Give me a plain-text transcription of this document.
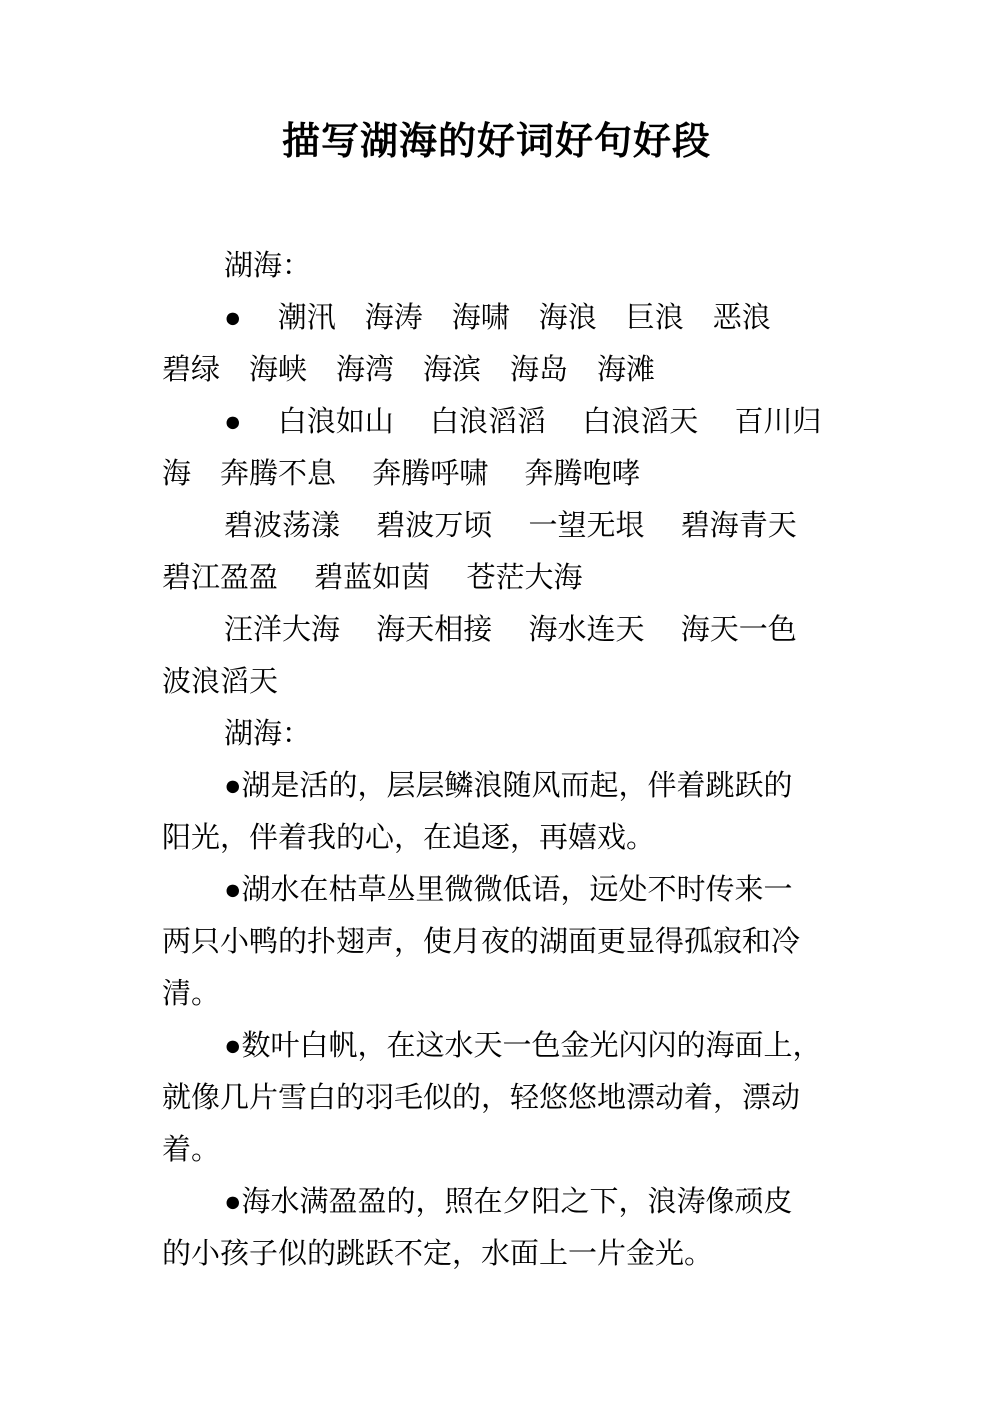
描写湖海的好词好句好段
湖海：
●　 潮汛　海涛　海啸　海浪　巨浪　恶浪
碧绿　海峡　海湾　海滨　海岛　海滩
●　 白浪如山　 白浪滔滔　 白浪滔天　 百川归
海　奔腾不息　 奔腾呼啸　 奔腾咆哮
碧波荡漾　 碧波万顷　 一望无垠　 碧海青天
碧江盈盈　 碧蓝如茵　 苍茫大海
汪洋大海　 海天相接　 海水连天　 海天一色
波浪滔天
湖海：
●湖是活的，层层鳞浪随风而起，伴着跳跃的
阳光，伴着我的心，在追逐，再嬉戏。
●湖水在枯草丛里微微低语，远处不时传来一
两只小鸭的扑翅声，使月夜的湖面更显得孤寂和冷
清。
●数叶白帆，在这水天一色金光闪闪的海面上，
就像几片雪白的羽毛似的，轻悠悠地漂动着，漂动
着。
●海水满盈盈的，照在夕阳之下，浪涛像顽皮
的小孩子似的跳跃不定，水面上一片金光。
